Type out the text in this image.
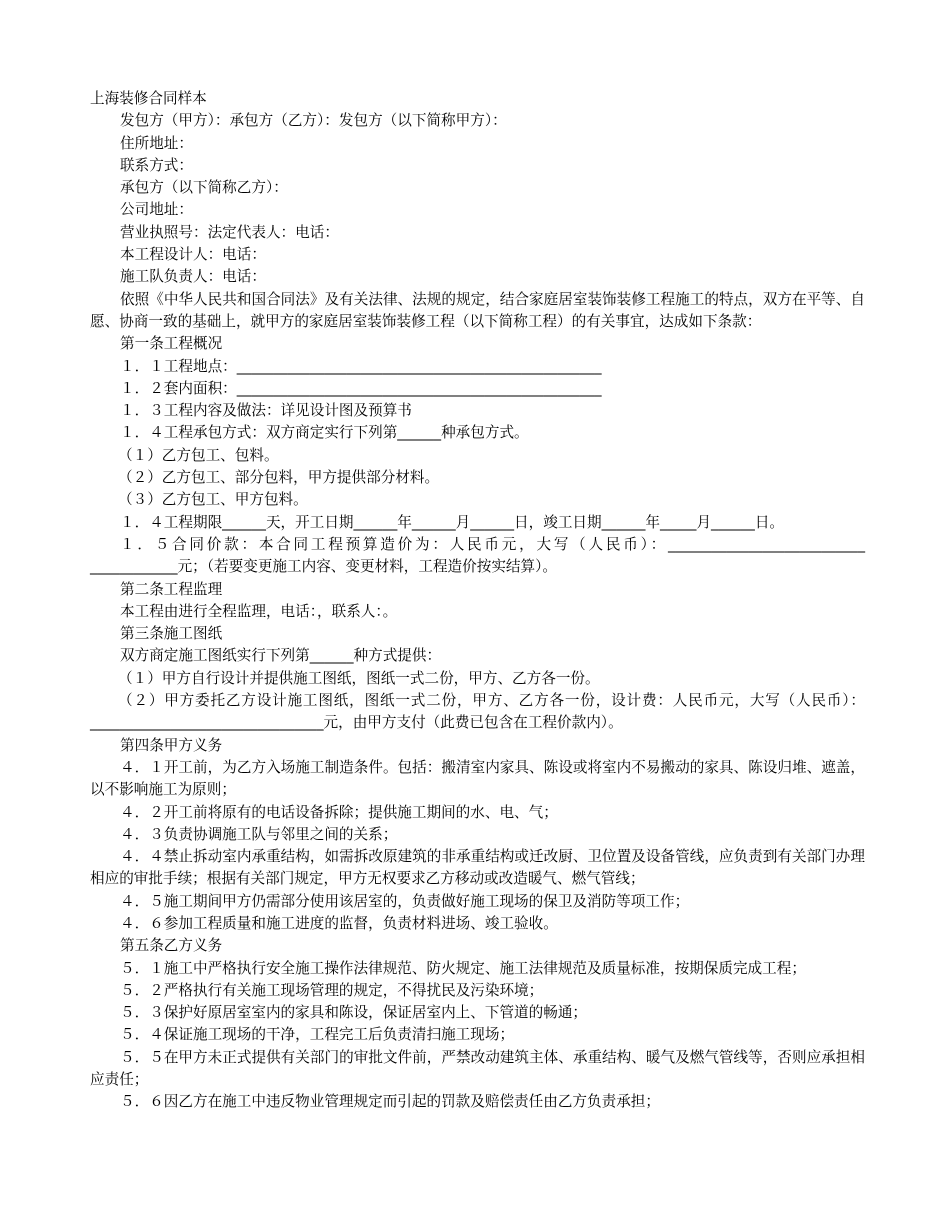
上海装修合同样本
发包方（甲方）：承包方（乙方）：发包方（以下简称甲方）：
住所地址：
联系方式：
承包方（以下简称乙方）：
公司地址：
营业执照号：法定代表人：电话：
本工程设计人：电话：
施工队负责人：电话：
依照《中华人民共和国合同法》及有关法律、法规的规定，结合家庭居室装饰装修工程施工的特点，双方在平等、自愿、协商一致的基础上，就甲方的家庭居室装饰装修工程（以下简称工程）的有关事宜，达成如下条款：
第一条工程概况
１．１工程地点：__________________________________________________
１．２套内面积：__________________________________________________
１．３工程内容及做法：详见设计图及预算书
１．４工程承包方式：双方商定实行下列第______种承包方式。
（１）乙方包工、包料。
（２）乙方包工、部分包料，甲方提供部分材料。
（３）乙方包工、甲方包料。
１．４工程期限______天，开工日期______年______月______日，竣工日期______年_____月______日。
１．５合同价款：本合同工程预算造价为：人民币元，大写（人民币）：___________________________ ____________元；（若要变更施工内容、变更材料，工程造价按实结算）。
第二条工程监理
本工程由进行全程监理，电话：，联系人：。
第三条施工图纸
双方商定施工图纸实行下列第______种方式提供：
（１）甲方自行设计并提供施工图纸，图纸一式二份，甲方、乙方各一份。
（２）甲方委托乙方设计施工图纸，图纸一式二份，甲方、乙方各一份，设计费：人民币元，大写（人民币）：________________________________元，由甲方支付（此费已包含在工程价款内）。
第四条甲方义务
４．１开工前，为乙方入场施工制造条件。包括：搬清室内家具、陈设或将室内不易搬动的家具、陈设归堆、遮盖，以不影响施工为原则；
４．２开工前将原有的电话设备拆除；提供施工期间的水、电、气；
４．３负责协调施工队与邻里之间的关系；
４．４禁止拆动室内承重结构，如需拆改原建筑的非承重结构或迁改厨、卫位置及设备管线，应负责到有关部门办理相应的审批手续；根据有关部门规定，甲方无权要求乙方移动或改造暖气、燃气管线；
４．５施工期间甲方仍需部分使用该居室的，负责做好施工现场的保卫及消防等项工作；
４．６参加工程质量和施工进度的监督，负责材料进场、竣工验收。
第五条乙方义务
５．１施工中严格执行安全施工操作法律规范、防火规定、施工法律规范及质量标准，按期保质完成工程；
５．２严格执行有关施工现场管理的规定，不得扰民及污染环境；
５．３保护好原居室室内的家具和陈设，保证居室内上、下管道的畅通；
５．４保证施工现场的干净，工程完工后负责清扫施工现场；
５．５在甲方未正式提供有关部门的审批文件前，严禁改动建筑主体、承重结构、暖气及燃气管线等，否则应承担相应责任；
５．６因乙方在施工中违反物业管理规定而引起的罚款及赔偿责任由乙方负责承担；
